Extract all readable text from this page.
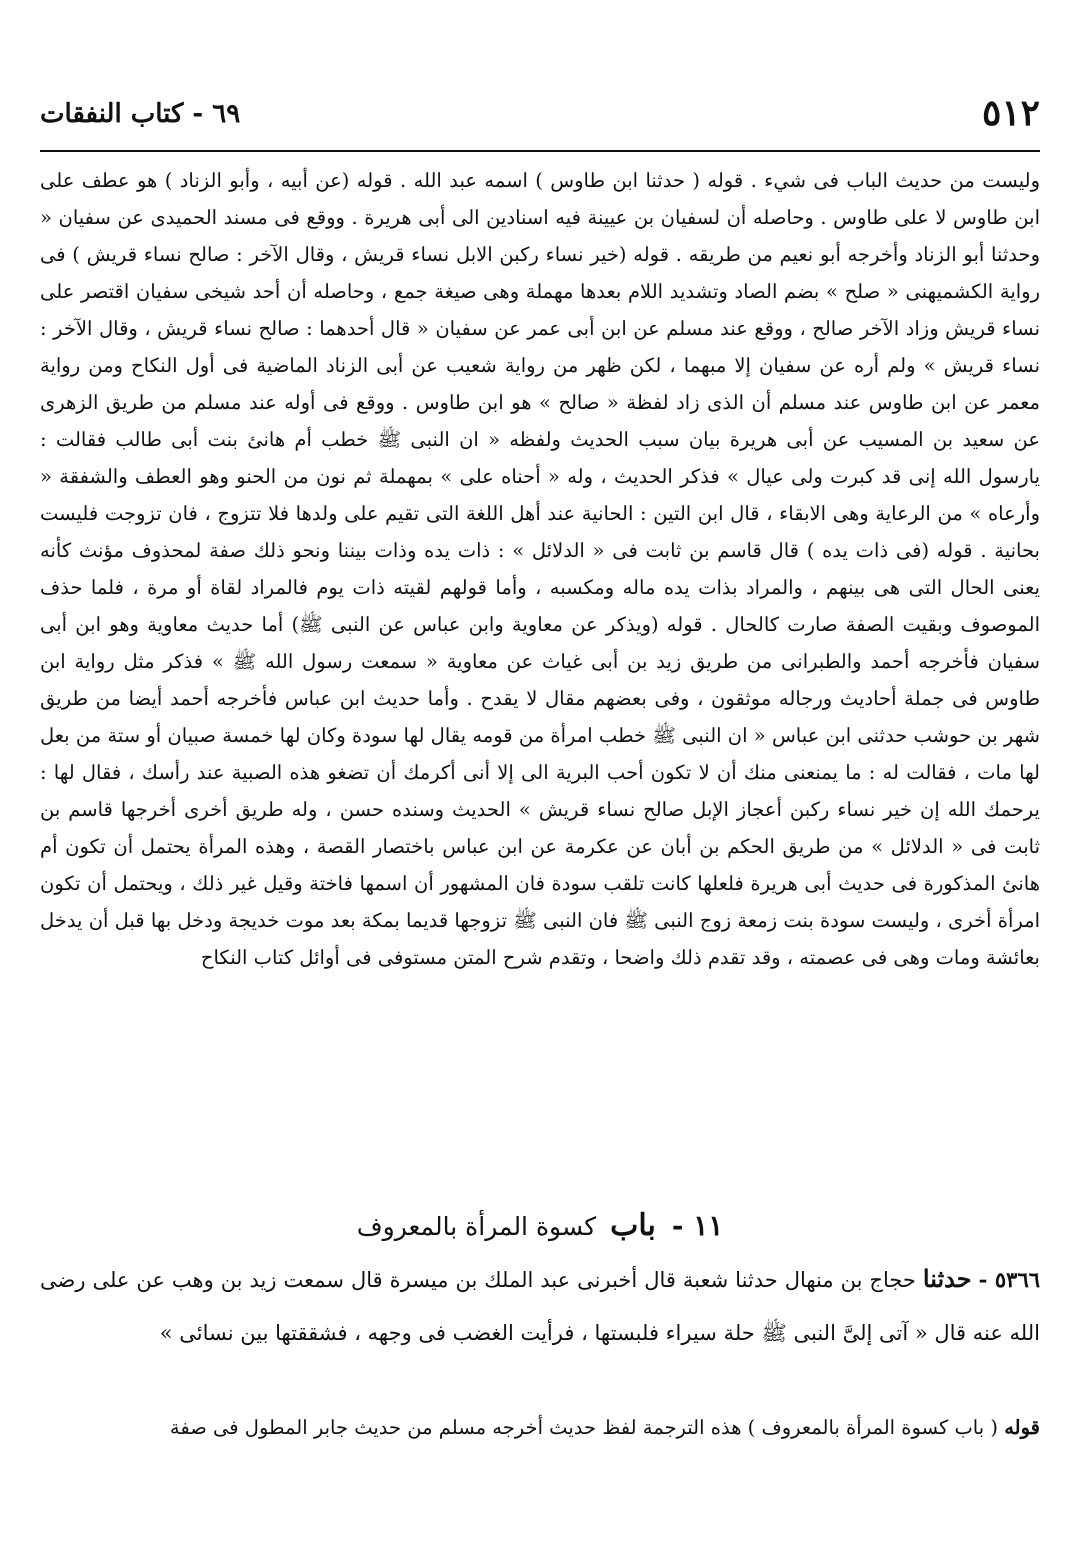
٥١٢
٦٩ - كتاب النفقات

وليست من حديث الباب فى شيء . قوله ( حدثنا ابن طاوس ) اسمه عبد الله . قوله (عن أبيه ، وأبو الزناد ) هو عطف على ابن طاوس لا على طاوس . وحاصله أن لسفيان بن عيينة فيه اسنادين الى أبى هريرة . ووقع فى مسند الحميدى عن سفيان « وحدثنا أبو الزناد وأخرجه أبو نعيم من طريقه . قوله (خير نساء ركبن الابل نساء قريش ، وقال الآخر : صالح نساء قريش ) فى رواية الكشميهنى « صلح » بضم الصاد وتشديد اللام بعدها مهملة وهى صيغة جمع ، وحاصله أن أحد شيخى سفيان اقتصر على نساء قريش وزاد الآخر صالح ، ووقع عند مسلم عن ابن أبى عمر عن سفيان « قال أحدهما : صالح نساء قريش ، وقال الآخر : نساء قريش » ولم أره عن سفيان إلا مبهما ، لكن ظهر من رواية شعيب عن أبى الزناد الماضية فى أول النكاح ومن رواية معمر عن ابن طاوس عند مسلم أن الذى زاد لفظة « صالح » هو ابن طاوس . ووقع فى أوله عند مسلم من طريق الزهرى عن سعيد بن المسيب عن أبى هريرة بيان سبب الحديث ولفظه « ان النبى ﷺ خطب أم هانئ بنت أبى طالب فقالت : يارسول الله إنى قد كبرت ولى عيال » فذكر الحديث ، وله « أحناه على » بمهملة ثم نون من الحنو وهو العطف والشفقة « وأرعاه » من الرعاية وهى الابقاء ، قال ابن التين : الحانية عند أهل اللغة التى تقيم على ولدها فلا تتزوج ، فان تزوجت فليست بحانية . قوله (فى ذات يده ) قال قاسم بن ثابت فى « الدلائل » : ذات يده وذات بيننا ونحو ذلك صفة لمحذوف مؤنث كأنه يعنى الحال التى هى بينهم ، والمراد بذات يده ماله ومكسبه ، وأما قولهم لقيته ذات يوم فالمراد لقاة أو مرة ، فلما حذف الموصوف وبقيت الصفة صارت كالحال . قوله (ويذكر عن معاوية وابن عباس عن النبى ﷺ) أما حديث معاوية وهو ابن أبى سفيان فأخرجه أحمد والطبرانى من طريق زيد بن أبى غياث عن معاوية « سمعت رسول الله ﷺ » فذكر مثل رواية ابن طاوس فى جملة أحاديث ورجاله موثقون ، وفى بعضهم مقال لا يقدح . وأما حديث ابن عباس فأخرجه أحمد أيضا من طريق شهر بن حوشب حدثنى ابن عباس « ان النبى ﷺ خطب امرأة من قومه يقال لها سودة وكان لها خمسة صبيان أو ستة من بعل لها مات ، فقالت له : ما يمنعنى منك أن لا تكون أحب البرية الى إلا أنى أكرمك أن تضغو هذه الصبية عند رأسك ، فقال لها : يرحمك الله إن خير نساء ركبن أعجاز الإبل صالح نساء قريش » الحديث وسنده حسن ، وله طريق أخرى أخرجها قاسم بن ثابت فى « الدلائل » من طريق الحكم بن أبان عن عكرمة عن ابن عباس باختصار القصة ، وهذه المرأة يحتمل أن تكون أم هانئ المذكورة فى حديث أبى هريرة فلعلها كانت تلقب سودة فان المشهور أن اسمها فاختة وقيل غير ذلك ، ويحتمل أن تكون امرأة أخرى ، وليست سودة بنت زمعة زوج النبى ﷺ فان النبى ﷺ تزوجها قديما بمكة بعد موت خديجة ودخل بها قبل أن يدخل بعائشة ومات وهى فى عصمته ، وقد تقدم ذلك واضحا ، وتقدم شرح المتن مستوفى فى أوائل كتاب النكاح

١١ - باب كسوة المرأة بالمعروف

٥٣٦٦ - حدثنا حجاج بن منهال حدثنا شعبة قال أخبرنى عبد الملك بن ميسرة قال سمعت زيد بن وهب عن على رضى الله عنه قال « آتى إلىَّ النبى ﷺ حلة سيراء فلبستها ، فرأيت الغضب فى وجهه ، فشققتها بين نسائى »

قوله ( باب كسوة المرأة بالمعروف ) هذه الترجمة لفظ حديث أخرجه مسلم من حديث جابر المطول فى صفة
